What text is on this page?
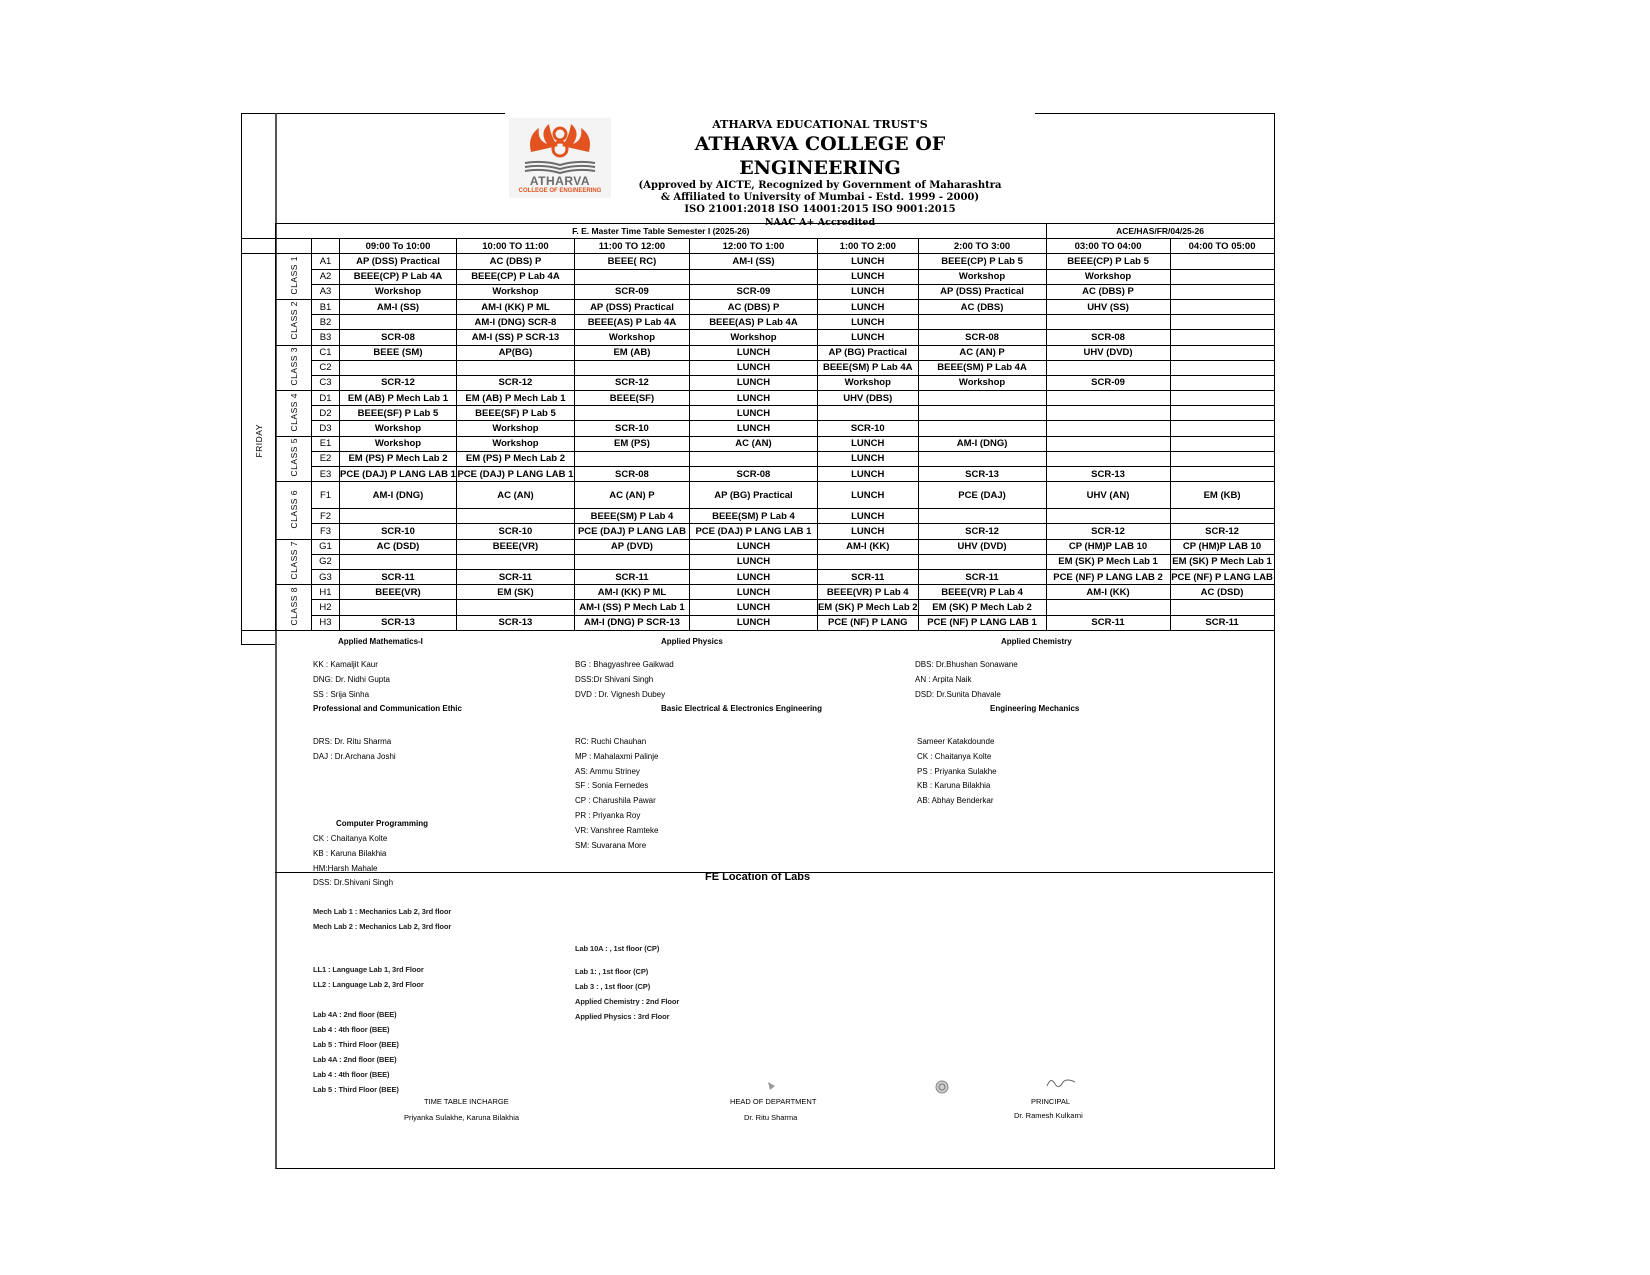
ATHARVA
COLLEGE OF ENGINEERING
ATHARVA EDUCATIONAL TRUST'S
ATHARVA COLLEGE OF ENGINEERING
(Approved by AICTE, Recognized by Government of Maharashtra
& Affiliated to University of Mumbai - Estd. 1999 - 2000)
ISO 21001:2018 ISO 14001:2015 ISO 9001:2015
NAAC A+ Accredited
	F. E. Master Time Table Semester I (2025-26)								ACE/HAS/FR/04/25-26	
			09:00 To 10:00	10:00 TO 11:00	11:00 TO 12:00	12:00 TO 1:00	1:00 TO 2:00	2:00 TO 3:00	03:00 TO 04:00	04:00 TO 05:00
FRIDAY	CLASS 1	A1	AP (DSS) Practical	AC (DBS) P	BEEE( RC)	AM-I (SS)	LUNCH	BEEE(CP) P Lab 5	BEEE(CP) P Lab 5	
		A2	BEEE(CP) P Lab 4A	BEEE(CP) P Lab 4A			LUNCH	Workshop	Workshop	
		A3	Workshop	Workshop	SCR-09	SCR-09	LUNCH	AP (DSS) Practical	AC (DBS) P	
	CLASS 2	B1	AM-I (SS)	AM-I (KK) P ML	AP (DSS) Practical	AC (DBS) P	LUNCH	AC (DBS)	UHV (SS)	
		B2		AM-I (DNG) SCR-8	BEEE(AS) P Lab 4A	BEEE(AS) P Lab 4A	LUNCH			
		B3	SCR-08	AM-I (SS) P SCR-13	Workshop	Workshop	LUNCH	SCR-08	SCR-08	
	CLASS 3	C1	BEEE (SM)	AP(BG)	EM (AB)	LUNCH	AP (BG) Practical	AC (AN) P	UHV (DVD)	
		C2				LUNCH	BEEE(SM) P Lab 4A	BEEE(SM) P Lab 4A		
		C3	SCR-12	SCR-12	SCR-12	LUNCH	Workshop	Workshop	SCR-09	
	CLASS 4	D1	EM (AB) P Mech Lab 1	EM (AB) P Mech Lab 1	BEEE(SF)	LUNCH	UHV (DBS)			
		D2	BEEE(SF) P Lab 5	BEEE(SF) P Lab 5		LUNCH				
		D3	Workshop	Workshop	SCR-10	LUNCH	SCR-10			
	CLASS 5	E1	Workshop	Workshop	EM (PS)	AC (AN)	LUNCH	AM-I (DNG)		
		E2	EM (PS) P Mech Lab 2	EM (PS) P Mech Lab 2			LUNCH			
		E3	PCE (DAJ) P LANG LAB 1	PCE (DAJ) P LANG LAB 1	SCR-08	SCR-08	LUNCH	SCR-13	SCR-13	
	CLASS 6	F1	AM-I (DNG)	AC (AN)	AC (AN) P	AP (BG) Practical	LUNCH	PCE (DAJ)	UHV (AN)	EM (KB)
		F2			BEEE(SM) P Lab 4	BEEE(SM) P Lab 4	LUNCH			
		F3	SCR-10	SCR-10	PCE (DAJ) P LANG LAB	PCE (DAJ) P LANG LAB 1	LUNCH	SCR-12	SCR-12	SCR-12
	CLASS 7	G1	AC (DSD)	BEEE(VR)	AP (DVD)	LUNCH	AM-I (KK)	UHV (DVD)	CP (HM)P LAB 10	CP (HM)P LAB 10
		G2				LUNCH			EM (SK) P Mech Lab 1	EM (SK) P Mech Lab 1
		G3	SCR-11	SCR-11	SCR-11	LUNCH	SCR-11	SCR-11	PCE (NF) P LANG LAB 2	PCE (NF) P LANG LAB
	CLASS 8	H1	BEEE(VR)	EM (SK)	AM-I (KK) P ML	LUNCH	BEEE(VR) P Lab 4	BEEE(VR) P Lab 4	AM-I (KK)	AC (DSD)
		H2			AM-I (SS) P Mech Lab 1	LUNCH	EM (SK) P Mech Lab 2	EM (SK) P Mech Lab 2		
		H3	SCR-13	SCR-13	AM-I (DNG) P SCR-13	LUNCH	PCE (NF) P LANG	PCE (NF) P LANG LAB 1	SCR-11	SCR-11
Applied Mathematics-I
KK : Kamaljit Kaur
DNG: Dr. Nidhi Gupta
SS : Srija Sinha
Applied Physics
BG : Bhagyashree Gaikwad
DSS:Dr Shivani Singh
DVD : Dr. Vignesh Dubey
Applied Chemistry
DBS: Dr.Bhushan Sonawane
AN : Arpita Naik
DSD: Dr.Sunita Dhavale
Professional and Communication Ethic
DRS: Dr. Ritu Sharma
DAJ : Dr.Archana Joshi
Basic Electrical & Electronics Engineering
RC: Ruchi Chauhan
MP : Mahalaxmi Palinje
AS: Ammu Striney
SF : Sonia Fernedes
CP : Charushila Pawar
PR : Priyanka Roy
VR: Vanshree Ramteke
SM: Suvarana More
Engineering Mechanics
Sameer Katakdounde
CK : Chaitanya Kolte
PS : Priyanka Sulakhe
KB : Karuna Bilakhia
AB: Abhay Benderkar
Computer Programming
CK : Chaitanya Kolte
KB : Karuna Bilakhia
HM:Harsh Mahale
DSS: Dr.Shivani Singh	FE Location of Labs
Mech Lab 1 : Mechanics Lab 2, 3rd floor
Mech Lab 2 : Mechanics Lab 2, 3rd floor
LL1 : Language Lab 1, 3rd Floor
LL2 : Language Lab 2, 3rd Floor
Lab 4A : 2nd floor (BEE)
Lab 4 : 4th floor (BEE)
Lab 5 : Third Floor (BEE)
Lab 4A : 2nd floor (BEE)
Lab 4 : 4th floor (BEE)
Lab 5 : Third Floor (BEE)
Lab 10A : , 1st floor (CP)
Lab 1: , 1st floor (CP)
Lab 3 : , 1st floor (CP)
Applied Chemistry : 2nd Floor
Applied Physics : 3rd Floor
TIME TABLE INCHARGE
Priyanka Sulakhe, Karuna Bilakhia
HEAD OF DEPARTMENT
Dr. Ritu Sharma
PRINCIPAL
Dr. Ramesh Kulkarni
